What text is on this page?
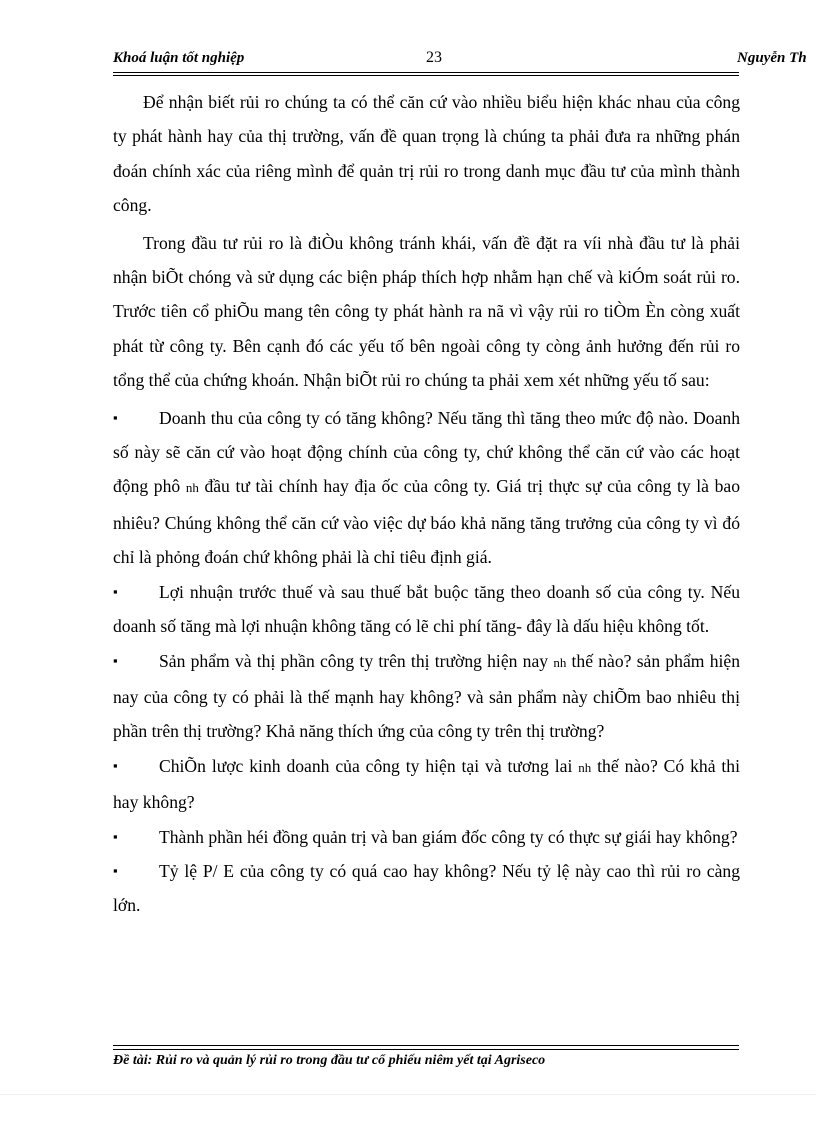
Khoá luận tốt nghiệp	23	Nguyễn Th

Để nhận biết rủi ro chúng ta có thể căn cứ vào nhiều biểu hiện khác nhau của công ty phát hành hay của thị trường, vấn đề quan trọng là chúng ta phải đưa ra những phán đoán chính xác của riêng mình để quản trị rủi ro trong danh mục đầu tư của mình thành công.

Trong đầu tư rủi ro là điÒu không tránh khái, vấn đề đặt ra víi nhà đầu tư là phải nhận biÕt chóng và sử dụng các biện pháp thích hợp nhằm hạn chế và kiÓm soát rủi ro. Trước tiên cổ phiÕu mang tên công ty phát hành ra nã vì vậy rủi ro tiÒm Èn còng xuất phát từ công ty. Bên cạnh đó các yếu tố bên ngoài công ty còng ảnh hưởng đến rủi ro tổng thể của chứng khoán. Nhận biÕt rủi ro chúng ta phải xem xét những yếu tố sau:

▪	Doanh thu của công ty có tăng không? Nếu tăng thì tăng theo mức độ nào. Doanh số này sẽ căn cứ vào hoạt động chính của công ty, chứ không thể căn cứ vào các hoạt động phô nh đầu tư tài chính hay địa ốc của công ty. Giá trị thực sự của công ty là bao nhiêu? Chúng không thể căn cứ vào việc dự báo khả năng tăng trưởng của công ty vì đó chỉ là phỏng đoán chứ không phải là chỉ tiêu định giá.

▪	Lợi nhuận trước thuế và sau thuế bắt buộc tăng theo doanh số của công ty. Nếu doanh số tăng mà lợi nhuận không tăng có lẽ chi phí tăng- đây là dấu hiệu không tốt.

▪	Sản phẩm và thị phần công ty trên thị trường hiện nay nh thế nào? sản phẩm hiện nay của công ty có phải là thế mạnh hay không? và sản phẩm này chiÕm bao nhiêu thị phần trên thị trường? Khả năng thích ứng của công ty trên thị trường?

▪	ChiÕn lược kinh doanh của công ty hiện tại và tương lai nh thế nào? Có khả thi hay không?

▪	Thành phần héi đồng quản trị và ban giám đốc công ty có thực sự giái hay không?

▪	Tỷ lệ P/ E của công ty có quá cao hay không? Nếu tỷ lệ này cao thì rủi ro càng lớn.

Đề tài: Rủi ro và quản lý rủi ro trong đầu tư cổ phiếu niêm yết tại Agriseco
